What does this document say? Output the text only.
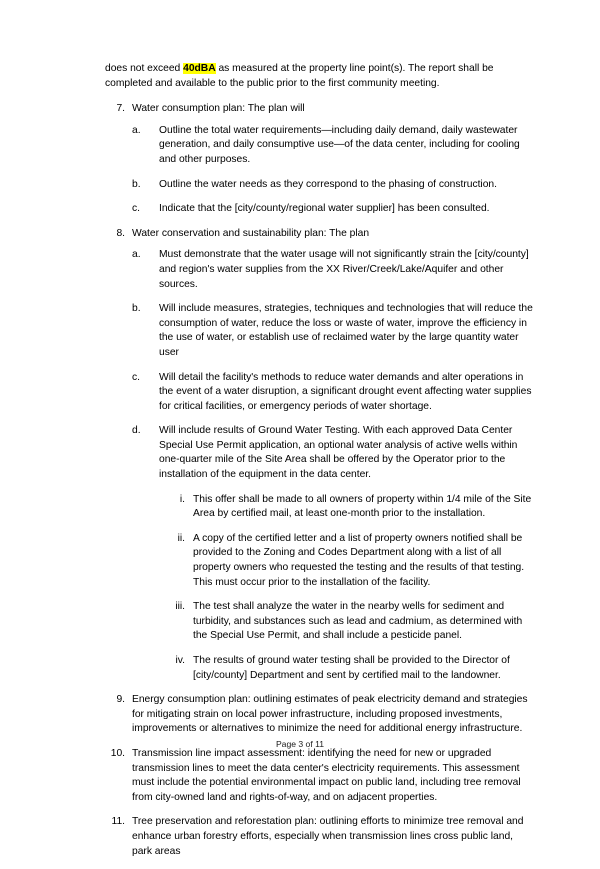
does not exceed 40dBA as measured at the property line point(s). The report shall be completed and available to the public prior to the first community meeting.

7. Water consumption plan: The plan will
a.	Outline the total water requirements—including daily demand, daily wastewater generation, and daily consumptive use—of the data center, including for cooling and other purposes.
b.	Outline the water needs as they correspond to the phasing of construction.
c.	Indicate that the [city/county/regional water supplier] has been consulted.
8. Water conservation and sustainability plan: The plan
a.	Must demonstrate that the water usage will not significantly strain the [city/county] and region's water supplies from the XX River/Creek/Lake/Aquifer and other sources.
b.	Will include measures, strategies, techniques and technologies that will reduce the consumption of water, reduce the loss or waste of water, improve the efficiency in the use of water, or establish use of reclaimed water by the large quantity water user
c.	Will detail the facility's methods to reduce water demands and alter operations in the event of a water disruption, a significant drought event affecting water supplies for critical facilities, or emergency periods of water shortage.
d.	Will include results of Ground Water Testing. With each approved Data Center Special Use Permit application, an optional water analysis of active wells within one-quarter mile of the Site Area shall be offered by the Operator prior to the installation of the equipment in the data center.
i. This offer shall be made to all owners of property within 1/4 mile of the Site Area by certified mail, at least one-month prior to the installation.
ii. A copy of the certified letter and a list of property owners notified shall be provided to the Zoning and Codes Department along with a list of all property owners who requested the testing and the results of that testing. This must occur prior to the installation of the facility.
iii. The test shall analyze the water in the nearby wells for sediment and turbidity, and substances such as lead and cadmium, as determined with the Special Use Permit, and shall include a pesticide panel.
iv. The results of ground water testing shall be provided to the Director of [city/county] Department and sent by certified mail to the landowner.
9. Energy consumption plan: outlining estimates of peak electricity demand and strategies for mitigating strain on local power infrastructure, including proposed investments, improvements or alternatives to minimize the need for additional energy infrastructure.
10. Transmission line impact assessment: identifying the need for new or upgraded transmission lines to meet the data center's electricity requirements. This assessment must include the potential environmental impact on public land, including tree removal from city-owned land and rights-of-way, and on adjacent properties.
11. Tree preservation and reforestation plan: outlining efforts to minimize tree removal and enhance urban forestry efforts, especially when transmission lines cross public land, park areas
Page 3 of 11
